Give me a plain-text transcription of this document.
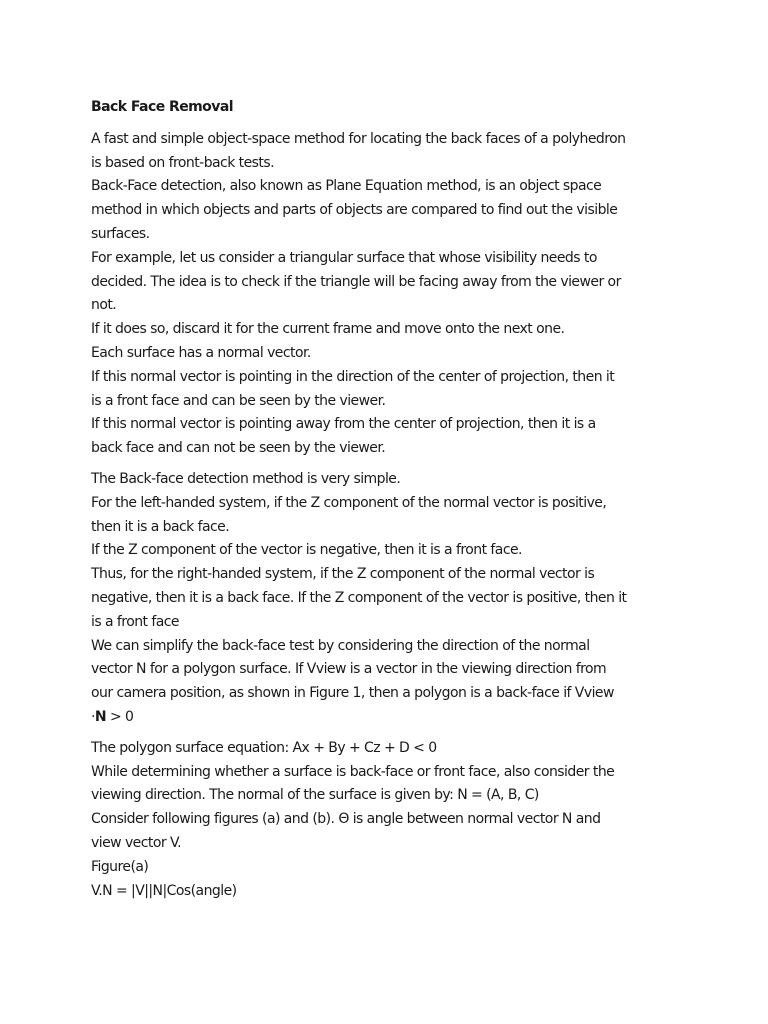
Back Face Removal
A fast and simple object-space method for locating the back faces of a polyhedron
is based on front-back tests.
Back-Face detection, also known as Plane Equation method, is an object space
method in which objects and parts of objects are compared to find out the visible
surfaces.
For example, let us consider a triangular surface that whose visibility needs to
decided. The idea is to check if the triangle will be facing away from the viewer or
not.
If it does so, discard it for the current frame and move onto the next one.
Each surface has a normal vector.
If this normal vector is pointing in the direction of the center of projection, then it
is a front face and can be seen by the viewer.
If this normal vector is pointing away from the center of projection, then it is a
back face and can not be seen by the viewer.
The Back-face detection method is very simple.
For the left-handed system, if the Z component of the normal vector is positive,
then it is a back face.
If the Z component of the vector is negative, then it is a front face.
Thus, for the right-handed system, if the Z component of the normal vector is
negative, then it is a back face. If the Z component of the vector is positive, then it
is a front face
We can simplify the back-face test by considering the direction of the normal
vector N for a polygon surface. If Vview is a vector in the viewing direction from
our camera position, as shown in Figure 1, then a polygon is a back-face if Vview
·N > 0
The polygon surface equation: Ax + By + Cz + D < 0
While determining whether a surface is back-face or front face, also consider the
viewing direction. The normal of the surface is given by: N = (A, B, C)
Consider following figures (a) and (b). Θ is angle between normal vector N and
view vector V.
Figure(a)
V.N = |V||N|Cos(angle)
